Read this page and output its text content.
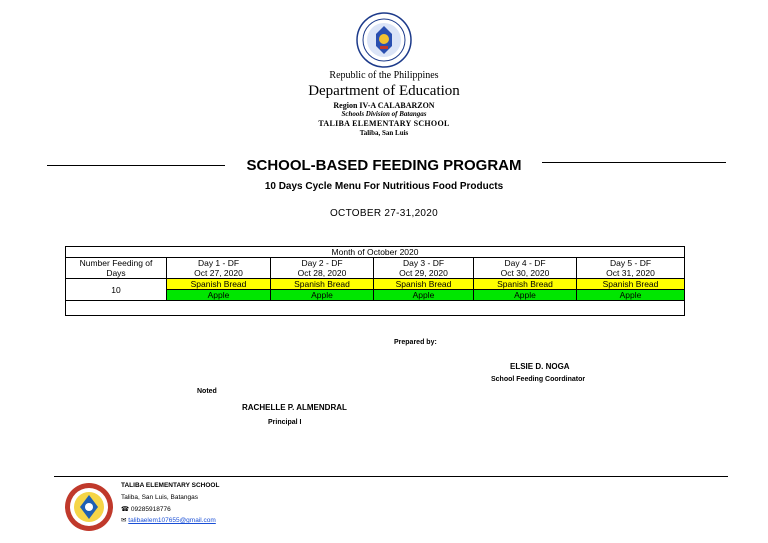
Republic of the Philippines
Department of Education
Region IV-A CALABARZON
Schools Division of Batangas
TALIBA ELEMENTARY SCHOOL
Taliba, San Luis
SCHOOL-BASED FEEDING PROGRAM
10 Days Cycle Menu For Nutritious Food Products
OCTOBER 27-31,2020
Month of October 2020					
Number Feeding of	Day 1 - DF	Day 2 - DF	Day 3 - DF	Day 4 - DF	Day 5 - DF
Days	Oct 27, 2020	Oct 28, 2020	Oct 29, 2020	Oct 30, 2020	Oct 31, 2020
10	Spanish Bread	Spanish Bread	Spanish Bread	Spanish Bread	Spanish Bread
	Apple	Apple	Apple	Apple	Apple

Prepared by:
ELSIE D. NOGA
School Feeding Coordinator
Noted
RACHELLE P. ALMENDRAL
Principal I
TALIBA ELEMENTARY SCHOOL
Taliba, San Luis, Batangas
☎ 09285918776
✉ talibaelem107655@gmail.com
